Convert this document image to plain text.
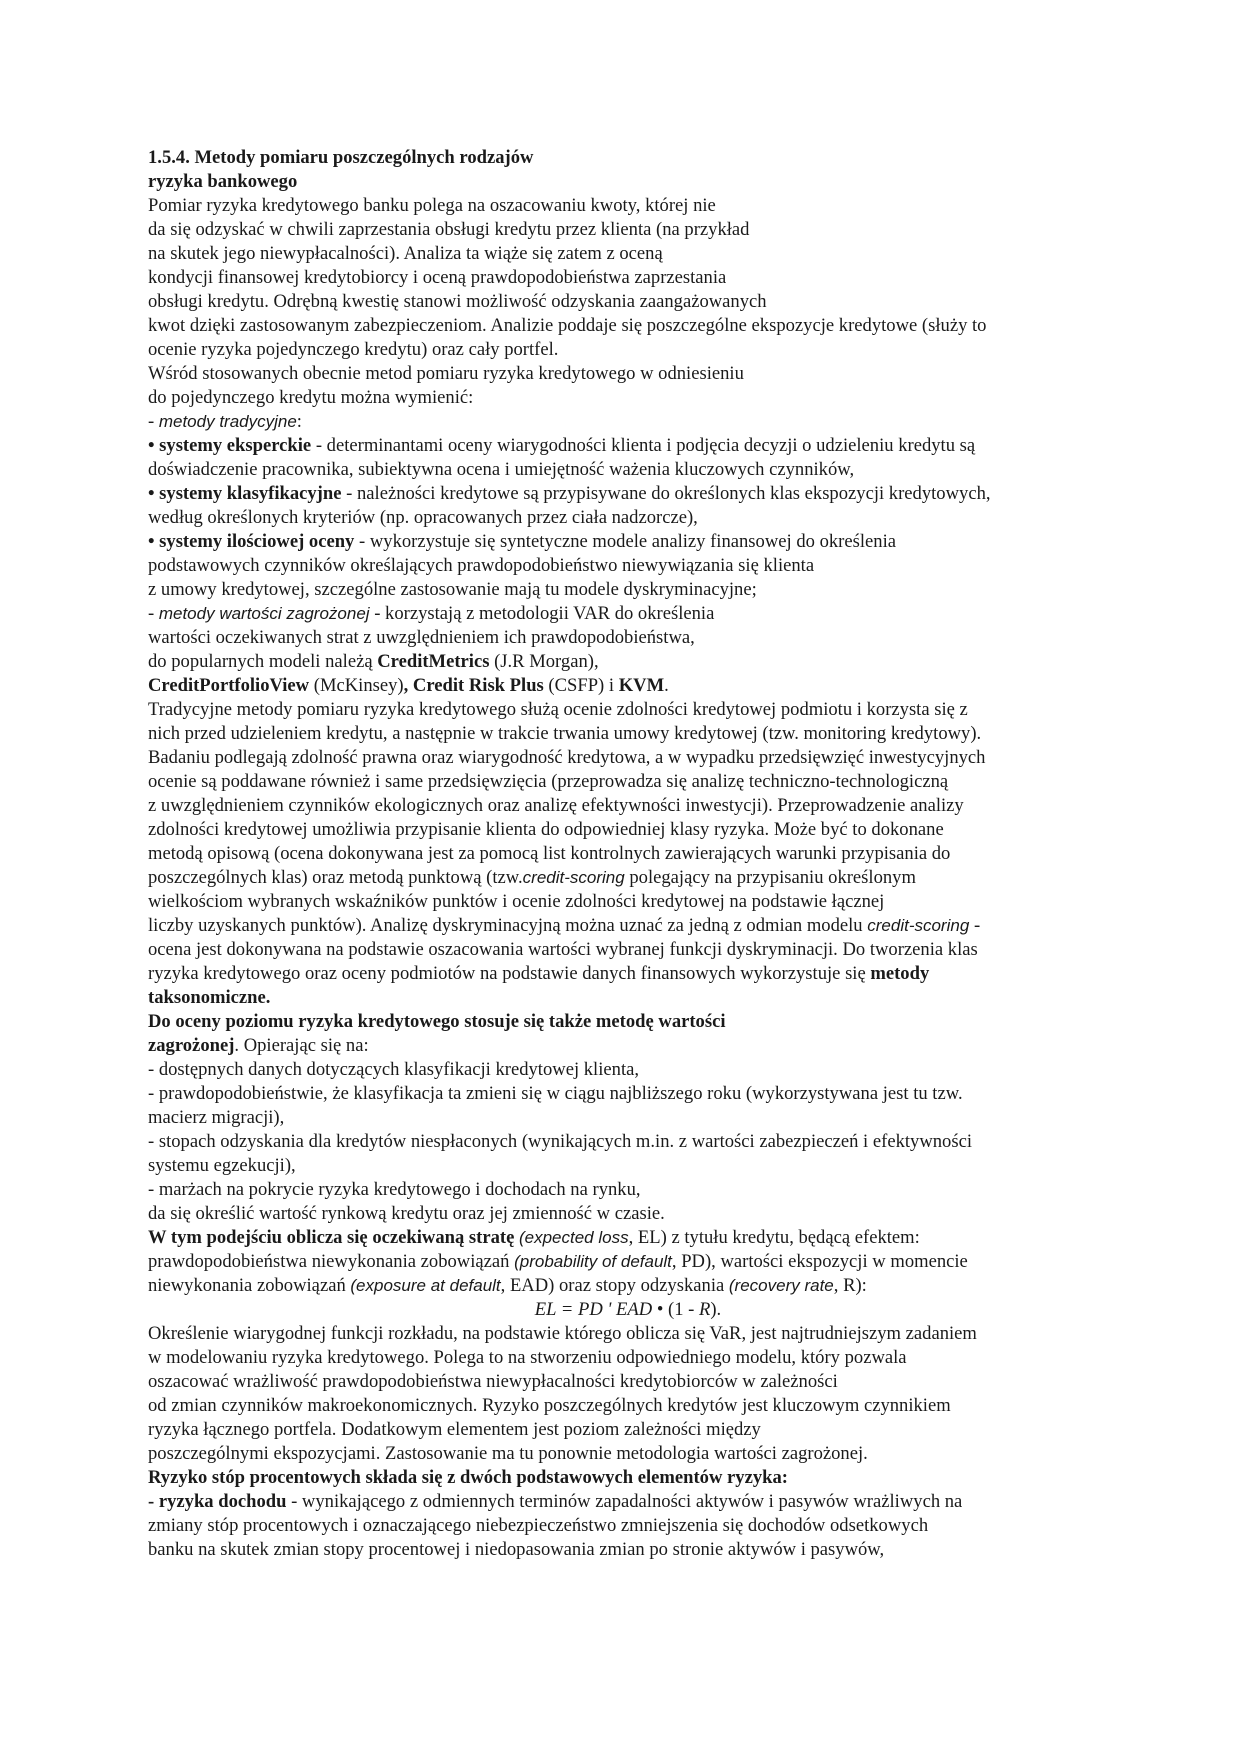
1.5.4. Metody pomiaru poszczególnych rodzajów
ryzyka bankowego
Pomiar ryzyka kredytowego banku polega na oszacowaniu kwoty, której nie
da się odzyskać w chwili zaprzestania obsługi kredytu przez klienta (na przykład
na skutek jego niewypłacalności). Analiza ta wiąże się zatem z oceną
kondycji finansowej kredytobiorcy i oceną prawdopodobieństwa zaprzestania
obsługi kredytu. Odrębną kwestię stanowi możliwość odzyskania zaangażowanych
kwot dzięki zastosowanym zabezpieczeniom. Analizie poddaje się poszczególne ekspozycje kredytowe (służy to
ocenie ryzyka pojedynczego kredytu) oraz cały portfel.
Wśród stosowanych obecnie metod pomiaru ryzyka kredytowego w odniesieniu
do pojedynczego kredytu można wymienić:
- metody tradycyjne:
• systemy eksperckie - determinantami oceny wiarygodności klienta i podjęcia decyzji o udzieleniu kredytu są
doświadczenie pracownika, subiektywna ocena i umiejętność ważenia kluczowych czynników,
• systemy klasyfikacyjne - należności kredytowe są przypisywane do określonych klas ekspozycji kredytowych,
według określonych kryteriów (np. opracowanych przez ciała nadzorcze),
• systemy ilościowej oceny - wykorzystuje się syntetyczne modele analizy finansowej do określenia
podstawowych czynników określających prawdopodobieństwo niewywiązania się klienta
z umowy kredytowej, szczególne zastosowanie mają tu modele dyskryminacyjne;
- metody wartości zagrożonej - korzystają z metodologii VAR do określenia
wartości oczekiwanych strat z uwzględnieniem ich prawdopodobieństwa,
do popularnych modeli należą CreditMetrics (J.R Morgan),
CreditPortfolioView (McKinsey), Credit Risk Plus (CSFP) i KVM.
Tradycyjne metody pomiaru ryzyka kredytowego służą ocenie zdolności kredytowej podmiotu i korzysta się z
nich przed udzieleniem kredytu, a następnie w trakcie trwania umowy kredytowej (tzw. monitoring kredytowy).
Badaniu podlegają zdolność prawna oraz wiarygodność kredytowa, a w wypadku przedsięwzięć inwestycyjnych
ocenie są poddawane również i same przedsięwzięcia (przeprowadza się analizę techniczno-technologiczną
z uwzględnieniem czynników ekologicznych oraz analizę efektywności inwestycji). Przeprowadzenie analizy
zdolności kredytowej umożliwia przypisanie klienta do odpowiedniej klasy ryzyka. Może być to dokonane
metodą opisową (ocena dokonywana jest za pomocą list kontrolnych zawierających warunki przypisania do
poszczególnych klas) oraz metodą punktową (tzw.credit-scoring polegający na przypisaniu określonym
wielkościom wybranych wskaźników punktów i ocenie zdolności kredytowej na podstawie łącznej
liczby uzyskanych punktów). Analizę dyskryminacyjną można uznać za jedną z odmian modelu credit-scoring -
ocena jest dokonywana na podstawie oszacowania wartości wybranej funkcji dyskryminacji. Do tworzenia klas
ryzyka kredytowego oraz oceny podmiotów na podstawie danych finansowych wykorzystuje się metody
taksonomiczne.
Do oceny poziomu ryzyka kredytowego stosuje się także metodę wartości
zagrożonej. Opierając się na:
- dostępnych danych dotyczących klasyfikacji kredytowej klienta,
- prawdopodobieństwie, że klasyfikacja ta zmieni się w ciągu najbliższego roku (wykorzystywana jest tu tzw.
macierz migracji),
- stopach odzyskania dla kredytów niespłaconych (wynikających m.in. z wartości zabezpieczeń i efektywności
systemu egzekucji),
- marżach na pokrycie ryzyka kredytowego i dochodach na rynku,
da się określić wartość rynkową kredytu oraz jej zmienność w czasie.
W tym podejściu oblicza się oczekiwaną stratę (expected loss, EL) z tytułu kredytu, będącą efektem:
prawdopodobieństwa niewykonania zobowiązań (probability of default, PD), wartości ekspozycji w momencie
niewykonania zobowiązań (exposure at default, EAD) oraz stopy odzyskania (recovery rate, R):
EL = PD ' EAD • (1 - R).
Określenie wiarygodnej funkcji rozkładu, na podstawie którego oblicza się VaR, jest najtrudniejszym zadaniem
w modelowaniu ryzyka kredytowego. Polega to na stworzeniu odpowiedniego modelu, który pozwala
oszacować wrażliwość prawdopodobieństwa niewypłacalności kredytobiorców w zależności
od zmian czynników makroekonomicznych. Ryzyko poszczególnych kredytów jest kluczowym czynnikiem
ryzyka łącznego portfela. Dodatkowym elementem jest poziom zależności między
poszczególnymi ekspozycjami. Zastosowanie ma tu ponownie metodologia wartości zagrożonej.
Ryzyko stóp procentowych składa się z dwóch podstawowych elementów ryzyka:
- ryzyka dochodu - wynikającego z odmiennych terminów zapadalności aktywów i pasywów wrażliwych na
zmiany stóp procentowych i oznaczającego niebezpieczeństwo zmniejszenia się dochodów odsetkowych
banku na skutek zmian stopy procentowej i niedopasowania zmian po stronie aktywów i pasywów,
